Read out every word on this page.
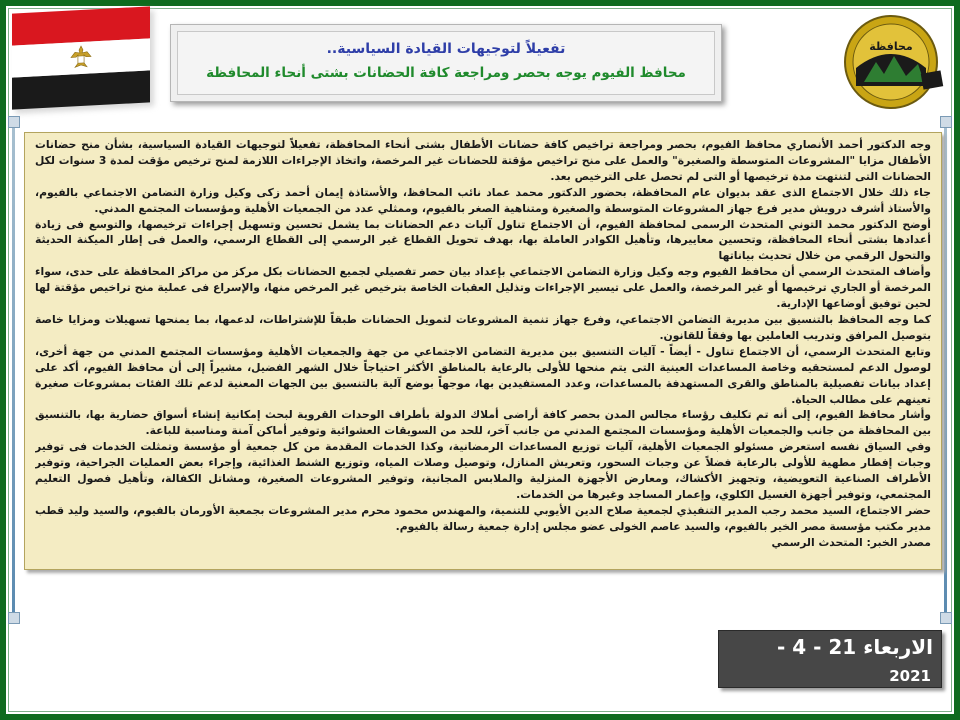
محافظة
تفعيلاً لتوجيهات القيادة السياسية..
محافظ الفيوم يوجه بحصر ومراجعة كافة الحضانات بشتى أنحاء المحافظة

وجه الدكتور أحمد الأنصاري محافظ الفيوم، بحصر ومراجعة تراخيص كافة حضانات الأطفال بشتى أنحاء المحافظة، تفعيلاً لتوجيهات القيادة السياسية، بشأن منح حضانات الأطفال مزايا "المشروعات المتوسطة والصغيرة" والعمل على منح تراخيص مؤقتة للحضانات غير المرخصة، واتخاذ الإجراءات اللازمة لمنح ترخيص مؤقت لمدة 3 سنوات لكل الحضانات التى لتنتهت مدة ترخيصها أو التى لم تحصل على الترخيص بعد.

جاء ذلك خلال الاجتماع الذى عقد بديوان عام المحافظة، بحضور الدكتور محمد عماد نائب المحافظ، والأستاذة إيمان أحمد زكى وكيل وزارة التضامن الاجتماعي بالفيوم، والأستاذ أشرف درويش مدير فرع جهاز المشروعات المتوسطة والصغيرة ومتناهية الصغر بالفيوم، وممثلي عدد من الجمعيات الأهلية ومؤسسات المجتمع المدني.

أوضح الدكتور محمد التوني المتحدث الرسمى لمحافظة الفيوم، أن الاجتماع تناول آليات دعم الحضانات بما يشمل تحسين وتسهيل إجراءات ترخيصها، والتوسع فى زيادة أعدادها بشتى أنحاء المحافظة، وتحسين معاييرها، وتأهيل الكوادر العاملة بها، بهدف تحويل القطاع غير الرسمي إلى القطاع الرسمي، والعمل فى إطار الميكنة الحديثة والتحول الرقمي من خلال تحديث بياناتها

وأضاف المتحدث الرسمي أن محافظ الفيوم وجه وكيل وزارة التضامن الاجتماعي بإعداد بيان حصر تفصيلي لجميع الحضانات بكل مركز من مراكز المحافظة على حدى، سواء المرخصة أو الجاري ترخيصها أو غير المرخصة، والعمل على تيسير الإجراءات وتذليل العقبات الخاصة بترخيص غير المرخص منها، والإسراع فى عملية منح تراخيص مؤقتة لها لحين توفيق أوضاعها الإدارية.

كما وجه المحافظ بالتنسيق بين مديرية التضامن الاجتماعي، وفرع جهاز تنمية المشروعات لتمويل الحضانات طبقاً للإشتراطات، لدعمها، بما يمنحها تسهيلات ومزايا خاصة بتوصيل المرافق وتدريب العاملين بها وفقاً للقانون.

وتابع المتحدث الرسمي، أن الاجتماع تناول - أيضاً - آليات التنسيق بين مديرية التضامن الاجتماعي من جهة والجمعيات الأهلية ومؤسسات المجتمع المدني من جهة أخرى، لوصول الدعم لمستحقيه وخاصة المساعدات العينية التى يتم منحها للأولى بالرعاية بالمناطق الأكثر احتياجاً خلال الشهر الفضيل، مشيراً إلى أن محافظ الفيوم، أكد على إعداد بيانات تفصيلية بالمناطق والقرى المستهدفة بالمساعدات، وعدد المستفيدين بها، موجهاً بوضع آلية بالتنسيق بين الجهات المعنية لدعم تلك الفئات بمشروعات صغيرة تعينهم على مطالب الحياة.

وأشار محافظ الفيوم، إلى أنه تم تكليف رؤساء مجالس المدن بحصر كافة أراضى أملاك الدولة بأطراف الوحدات القروية لبحث إمكانية إنشاء أسواق حضارية بها، بالتنسيق بين المحافظة من جانب والجمعيات الأهلية ومؤسسات المجتمع المدني من جانب آخر، للحد من السويقات العشوائية وتوفير أماكن آمنة ومناسبة للباعة.

وفي السياق نفسه استعرض مسئولو الجمعيات الأهلية، آليات توزيع المساعدات الرمضانية، وكذا الخدمات المقدمة من كل جمعية أو مؤسسة وتمثلت الخدمات فى توفير وجبات إفطار مطهية للأولى بالرعاية فضلاً عن وجبات السحور، وتعريش المنازل، وتوصيل وصلات المياه، وتوزيع الشنط الغذائية، وإجراء بعض العمليات الجراحية، وتوفير الأطراف الصناعية التعويضية، وتجهيز الأكشاك، ومعارض الأجهزة المنزلية والملابس المجانية، وتوفير المشروعات الصغيرة، ومشاتل الكفالة، وتأهيل فصول التعليم المجتمعي، وتوفير أجهزة الغسيل الكلوي، وإعمار المساجد وغيرها من الخدمات.

حضر الاجتماع، السيد محمد رجب المدير التنفيذي لجمعية صلاح الدين الأيوبي للتنمية، والمهندس محمود محرم مدير المشروعات بجمعية الأورمان بالفيوم، والسيد وليد قطب مدير مكتب مؤسسة مصر الخير بالفيوم، والسيد عاصم الخولى عضو مجلس إدارة جمعية رسالة بالفيوم.

مصدر الخبر: المتحدث الرسمي

الاربعاء 21 - 4 -
2021
